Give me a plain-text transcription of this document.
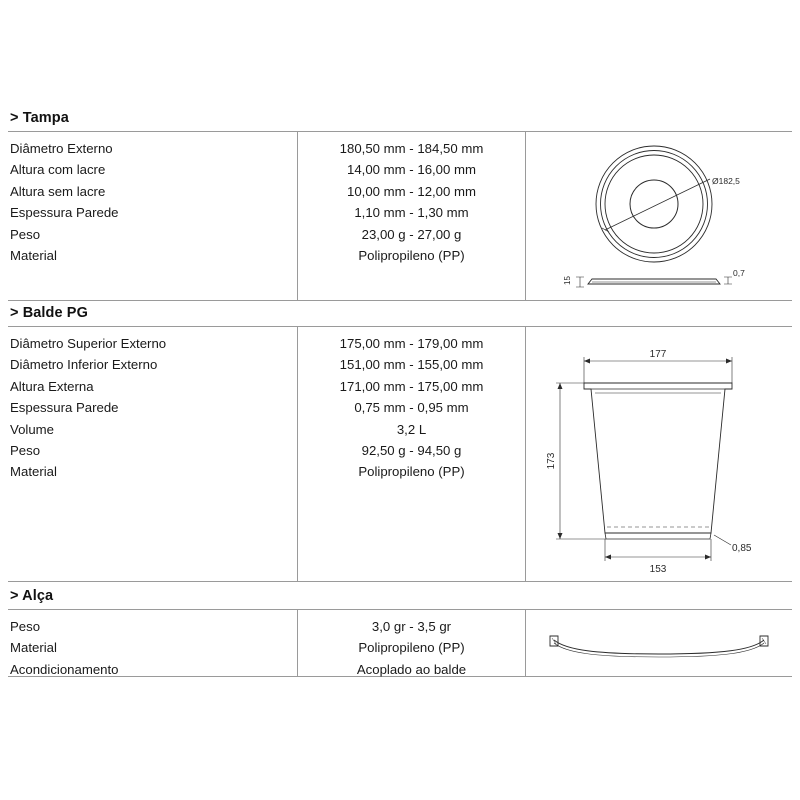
> Tampa
Diâmetro Externo
Altura com lacre
Altura sem lacre
Espessura Parede
Peso
Material
180,50 mm - 184,50 mm
14,00 mm - 16,00 mm
10,00 mm - 12,00 mm
1,10 mm - 1,30 mm
23,00 g - 27,00 g
Polipropileno (PP)
Ø182,5
15
0,7
> Balde PG
Diâmetro Superior Externo
Diâmetro Inferior Externo
Altura Externa
Espessura Parede
Volume
Peso
Material
175,00 mm - 179,00 mm
151,00 mm - 155,00 mm
171,00 mm - 175,00 mm
0,75 mm - 0,95 mm
3,2 L
92,50 g - 94,50 g
Polipropileno (PP)
177
173
153
0,85
> Alça
Peso
Material
Acondicionamento
3,0 gr - 3,5 gr
Polipropileno (PP)
Acoplado ao balde
